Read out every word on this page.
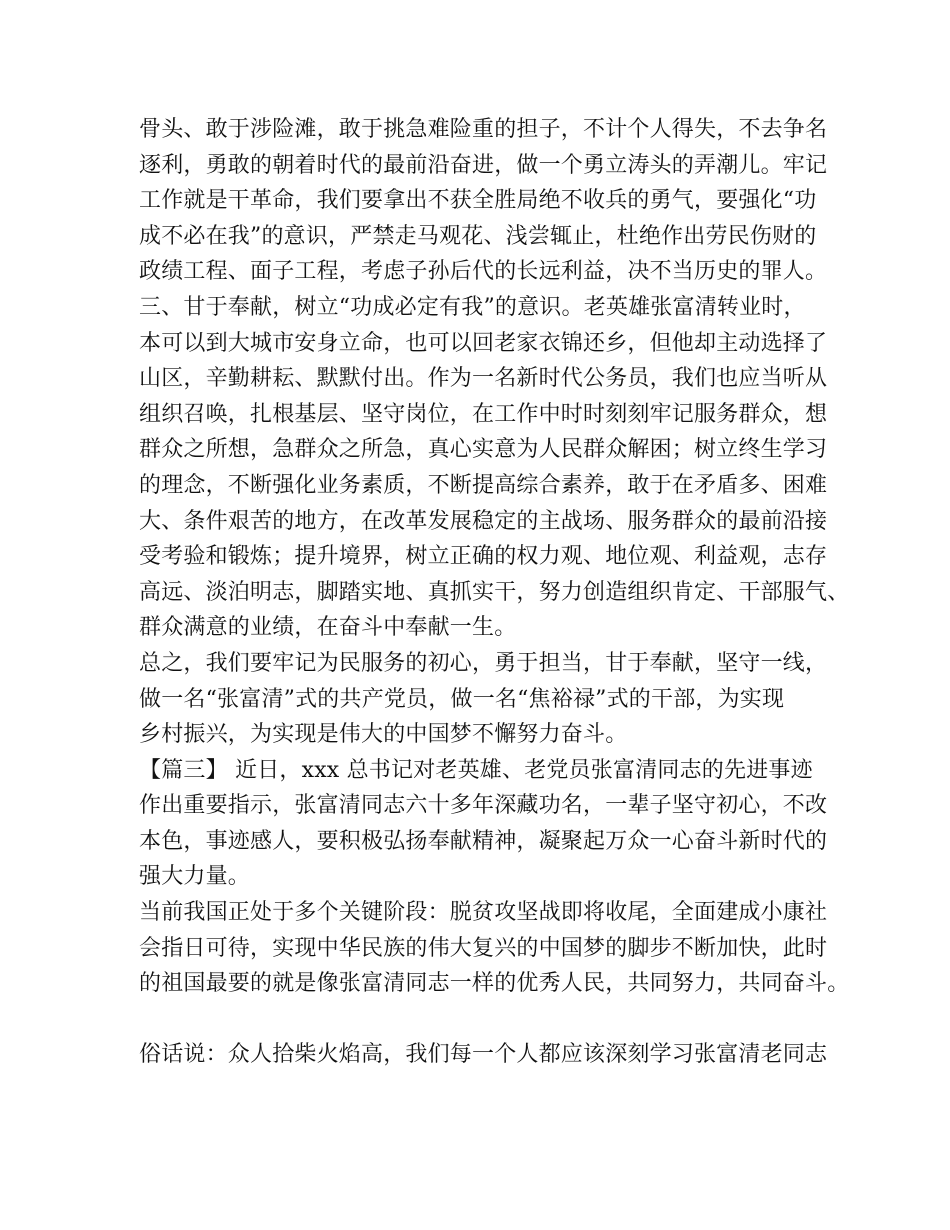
骨头、敢于涉险滩，敢于挑急难险重的担子，不计个人得失，不去争名
逐利，勇敢的朝着时代的最前沿奋进，做一个勇立涛头的弄潮儿。牢记
工作就是干革命，我们要拿出不获全胜局绝不收兵的勇气，要强化“功
成不必在我”的意识，严禁走马观花、浅尝辄止，杜绝作出劳民伤财的
政绩工程、面子工程，考虑子孙后代的长远利益，决不当历史的罪人。
三、甘于奉献，树立“功成必定有我”的意识。老英雄张富清转业时，
本可以到大城市安身立命，也可以回老家衣锦还乡，但他却主动选择了
山区，辛勤耕耘、默默付出。作为一名新时代公务员，我们也应当听从
组织召唤，扎根基层、坚守岗位，在工作中时时刻刻牢记服务群众，想
群众之所想，急群众之所急，真心实意为人民群众解困；树立终生学习
的理念，不断强化业务素质，不断提高综合素养，敢于在矛盾多、困难
大、条件艰苦的地方，在改革发展稳定的主战场、服务群众的最前沿接
受考验和锻炼；提升境界，树立正确的权力观、地位观、利益观，志存
高远、淡泊明志，脚踏实地、真抓实干，努力创造组织肯定、干部服气、
群众满意的业绩，在奋斗中奉献一生。
总之，我们要牢记为民服务的初心，勇于担当，甘于奉献，坚守一线，
做一名“张富清”式的共产党员，做一名“焦裕禄”式的干部，为实现
乡村振兴，为实现是伟大的中国梦不懈努力奋斗。
【篇三】 近日，xxx 总书记对老英雄、老党员张富清同志的先进事迹
作出重要指示，张富清同志六十多年深藏功名，一辈子坚守初心，不改
本色，事迹感人，要积极弘扬奉献精神，凝聚起万众一心奋斗新时代的
强大力量。
当前我国正处于多个关键阶段：脱贫攻坚战即将收尾，全面建成小康社
会指日可待，实现中华民族的伟大复兴的中国梦的脚步不断加快，此时
的祖国最要的就是像张富清同志一样的优秀人民，共同努力，共同奋斗。
俗话说：众人拾柴火焰高，我们每一个人都应该深刻学习张富清老同志
